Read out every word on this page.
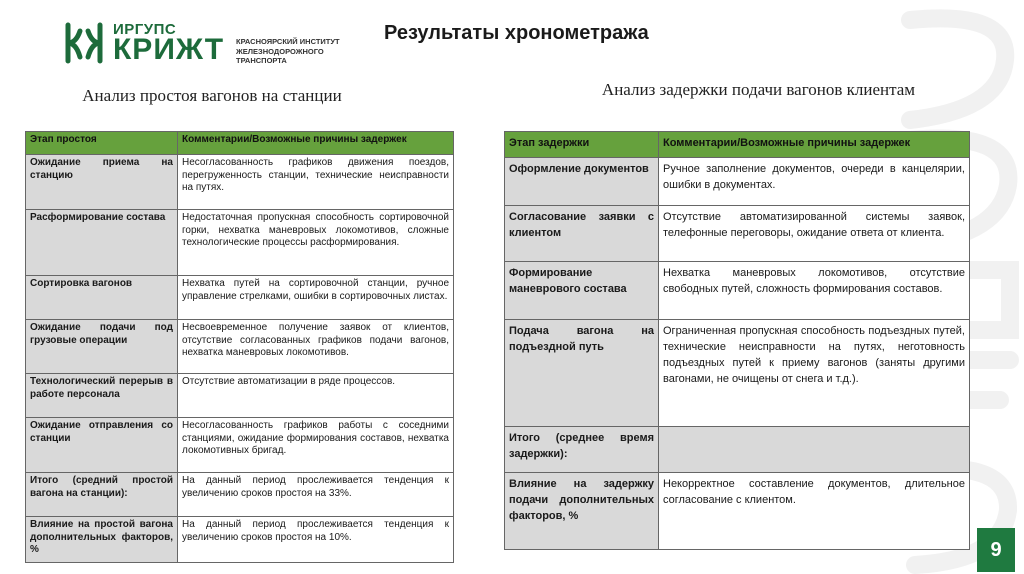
ИРГУПС
КРИЖТ КРАСНОЯРСКИЙ ИНСТИТУТ ЖЕЛЕЗНОДОРОЖНОГО ТРАНСПОРТА
Результаты хронометража
Анализ простоя вагонов на станции	Анализ задержки подачи вагонов клиентам
Этап простоя	Комментарии/Возможные причины задержек
Ожидание приема на станцию	Несогласованность графиков движения поездов, перегруженность станции, технические неисправности на путях.
Расформирование состава	Недостаточная пропускная способность сортировочной горки, нехватка маневровых локомотивов, сложные технологические процессы расформирования.
Сортировка вагонов	Нехватка путей на сортировочной станции, ручное управление стрелками, ошибки в сортировочных листах.
Ожидание подачи под грузовые операции	Несвоевременное получение заявок от клиентов, отсутствие согласованных графиков подачи вагонов, нехватка маневровых локомотивов.
Технологический перерыв в работе персонала	Отсутствие автоматизации в ряде процессов.
Ожидание отправления со станции	Несогласованность графиков работы с соседними станциями, ожидание формирования составов, нехватка локомотивных бригад.
Итого (средний простой вагона на станции):	На данный период прослеживается тенденция к увеличению сроков простоя на 33%.
Влияние на простой вагона дополнительных факторов, %	На данный период прослеживается тенденция к увеличению сроков простоя на 10%.
Этап задержки	Комментарии/Возможные причины задержек
Оформление документов	Ручное заполнение документов, очереди в канцелярии, ошибки в документах.
Согласование заявки с клиентом	Отсутствие автоматизированной системы заявок, телефонные переговоры, ожидание ответа от клиента.
Формирование маневрового состава	Нехватка маневровых локомотивов, отсутствие свободных путей, сложность формирования составов.
Подача вагона на подъездной путь	Ограниченная пропускная способность подъездных путей, технические неисправности на путях, неготовность подъездных путей к приему вагонов (заняты другими вагонами, не очищены от снега и т.д.).
Итого (среднее время задержки):	
Влияние на задержку подачи дополнительных факторов, %	Некорректное составление документов, длительное согласование с клиентом.
9
